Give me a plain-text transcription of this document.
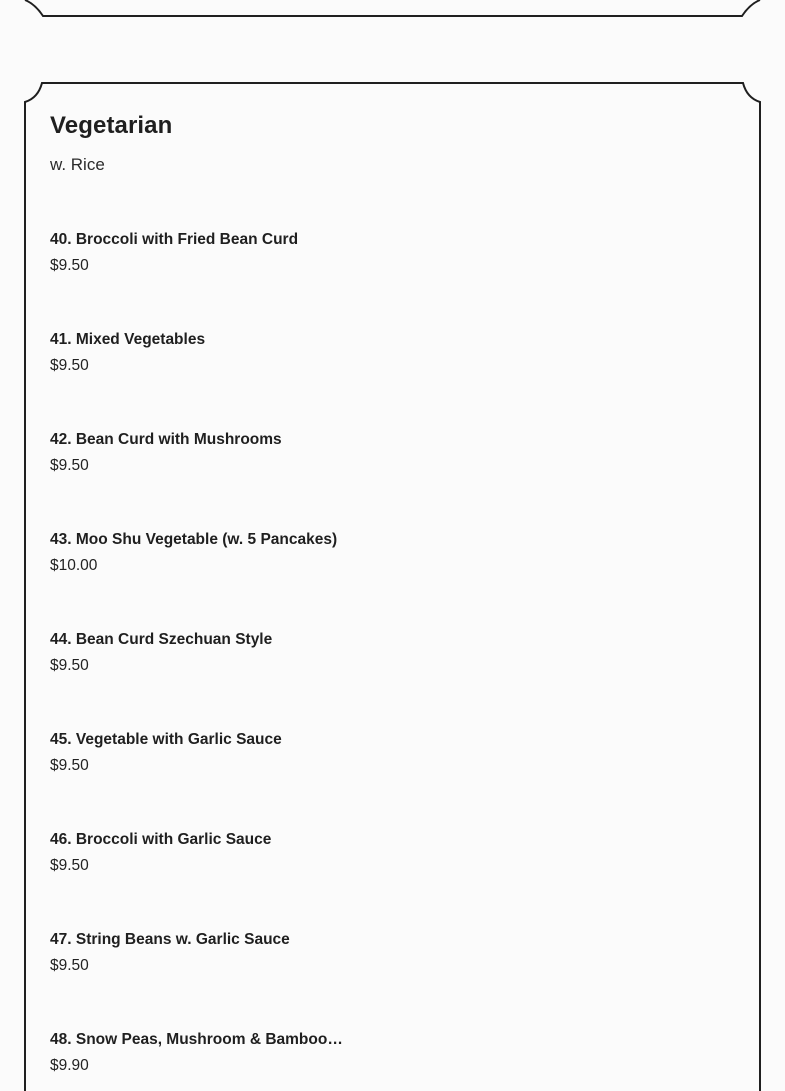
Vegetarian
w. Rice
40. Broccoli with Fried Bean Curd
$9.50
41. Mixed Vegetables
$9.50
42. Bean Curd with Mushrooms
$9.50
43. Moo Shu Vegetable (w. 5 Pancakes)
$10.00
44. Bean Curd Szechuan Style
$9.50
45. Vegetable with Garlic Sauce
$9.50
46. Broccoli with Garlic Sauce
$9.50
47. String Beans w. Garlic Sauce
$9.50
48. Snow Peas, Mushroom & Bamboo…
$9.90
